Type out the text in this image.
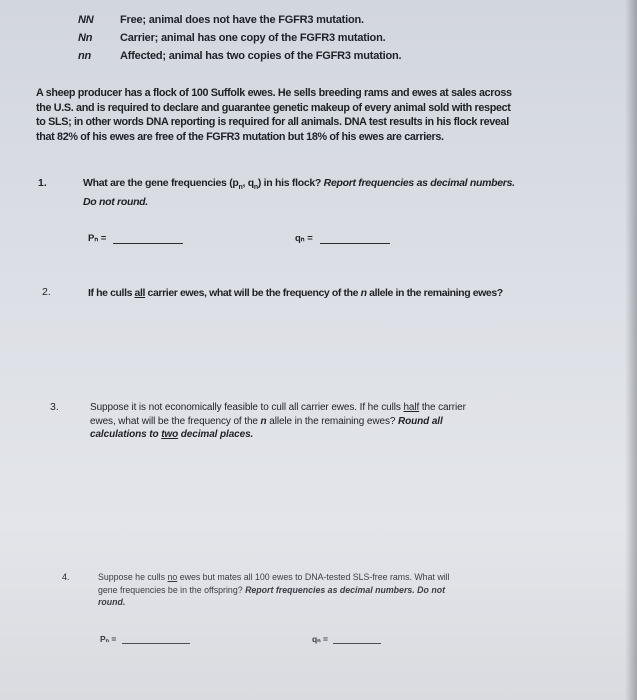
NN Free; animal does not have the FGFR3 mutation.
Nn	Carrier; animal has one copy of the FGFR3 mutation.
nn	Affected; animal has two copies of the FGFR3 mutation.
A sheep producer has a flock of 100 Suffolk ewes. He sells breeding rams and ewes at sales across
the U.S. and is required to declare and guarantee genetic makeup of every animal sold with respect
to SLS; in other words DNA reporting is required for all animals. DNA test results in his flock reveal
that 82% of his ewes are free of the FGFR3 mutation but 18% of his ewes are carriers.
1.	What are the gene frequencies ($p_n$, $q_n$) in his flock? Report frequencies as decimal numbers.
Do not round.
Pₙ =	qₙ =
2.	If he culls all carrier ewes, what will be the frequency of the n allele in the remaining ewes?
3.	Suppose it is not economically feasible to cull all carrier ewes. If he culls half the carrier
ewes, what will be the frequency of the n allele in the remaining ewes? Round all
calculations to two decimal places.
4.	Suppose he culls no ewes but mates all 100 ewes to DNA-tested SLS-free rams. What will
gene frequencies be in the offspring? Report frequencies as decimal numbers. Do not
round.
Pₙ =	qₙ =
